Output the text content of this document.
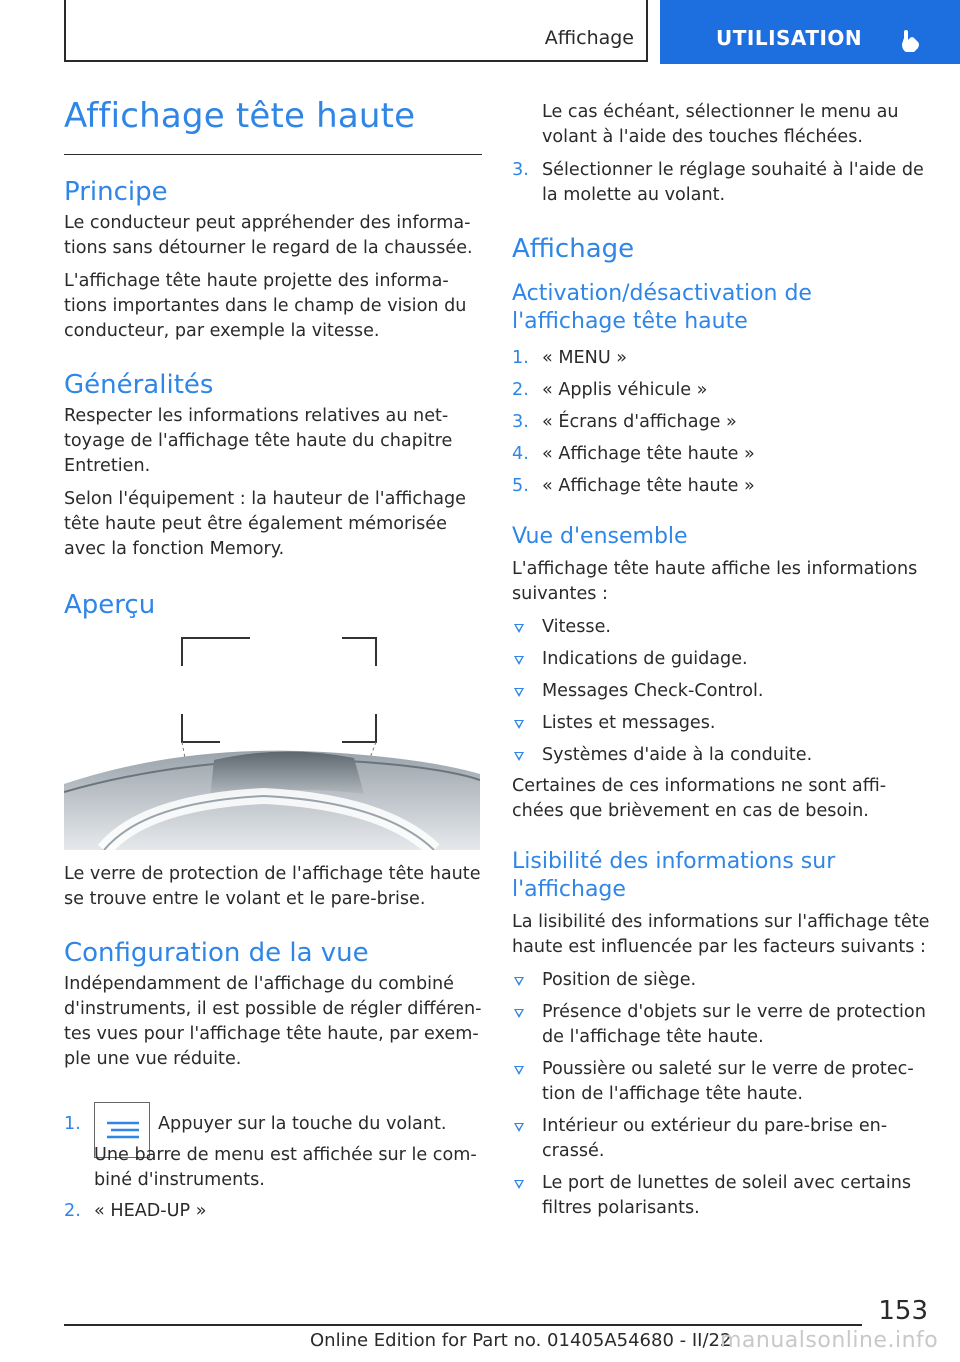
Affichage	UTILISATION
Affichage tête haute
Principe

Le conducteur peut appréhender des informa-tions sans détourner le regard de la chaussée.

L'affichage tête haute projette des informa-tions importantes dans le champ de vision du conducteur, par exemple la vitesse.

Généralités

Respecter les informations relatives au net-toyage de l'affichage tête haute du chapitre Entretien.

Selon l'équipement : la hauteur de l'affichage tête haute peut être également mémorisée avec la fonction Memory.

Aperçu

Le verre de protection de l'affichage tête haute se trouve entre le volant et le pare-brise.

Configuration de la vue

Indépendamment de l'affichage du combiné d'instruments, il est possible de régler différen-tes vues pour l'affichage tête haute, par exem-ple une vue réduite.

1.	Appuyer sur la touche du volant.
Une barre de menu est affichée sur le com-biné d'instruments.
2. « HEAD-UP »
Le cas échéant, sélectionner le menu au volant à l'aide des touches fléchées.
3. Sélectionner le réglage souhaité à l'aide de la molette au volant.
Affichage
Activation/désactivation de l'affichage tête haute
1. « MENU »
2. « Applis véhicule »
3. « Écrans d'affichage »
4. « Affichage tête haute »
5. « Affichage tête haute »
Vue d'ensemble

L'affichage tête haute affiche les informations suivantes :

Vitesse.
Indications de guidage.
Messages Check-Control.
Listes et messages.
Systèmes d'aide à la conduite.

Certaines de ces informations ne sont affi-chées que brièvement en cas de besoin.

Lisibilité des informations sur l'affichage

La lisibilité des informations sur l'affichage tête haute est influencée par les facteurs suivants :

Position de siège.
Présence d'objets sur le verre de protection de l'affichage tête haute.
Poussière ou saleté sur le verre de protec-tion de l'affichage tête haute.
Intérieur ou extérieur du pare-brise en-crassé.
Le port de lunettes de soleil avec certains filtres polarisants.
153
Online Edition for Part no. 01405A54680 - II/22
manualsonline.info
